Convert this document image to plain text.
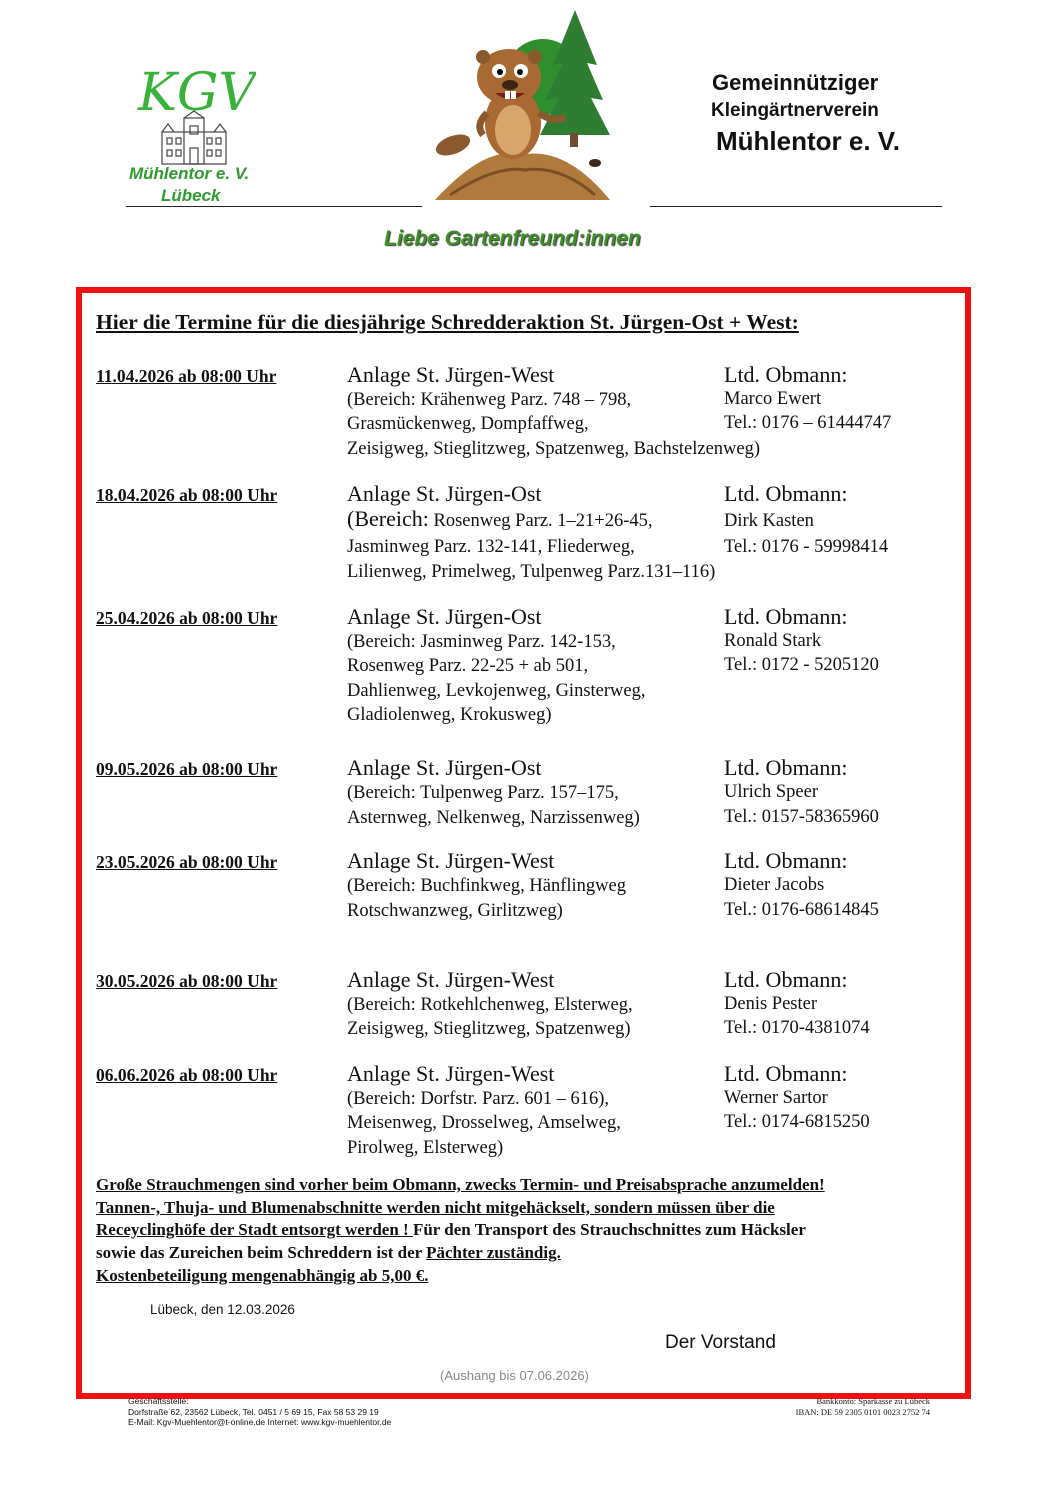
KGV
Mühlentor e. V.
Lübeck
Gemeinnütziger
Kleingärtnerverein
Mühlentor e. V.
Liebe Gartenfreund:innen
Hier die Termine für die diesjährige Schredderaktion St. Jürgen-Ost + West:
11.04.2026 ab 08:00 Uhr	Anlage St. Jürgen-West
(Bereich: Krähenweg Parz. 748 – 798,
Grasmückenweg, Dompfaffweg,
Zeisigweg, Stieglitzweg, Spatzenweg, Bachstelzenweg)
Ltd. Obmann:
Marco Ewert
Tel.: 0176 – 61444747
18.04.2026 ab 08:00 Uhr	Anlage St. Jürgen-Ost
(Bereich: Rosenweg Parz. 1–21+26-45,
Jasminweg Parz. 132-141, Fliederweg,
Lilienweg, Primelweg, Tulpenweg Parz.131–116)
Ltd. Obmann:
Dirk Kasten
Tel.: 0176 - 59998414
25.04.2026 ab 08:00 Uhr	Anlage St. Jürgen-Ost
(Bereich: Jasminweg Parz. 142-153,
Rosenweg Parz. 22-25 + ab 501,
Dahlienweg, Levkojenweg, Ginsterweg,
Gladiolenweg, Krokusweg)
Ltd. Obmann:
Ronald Stark
Tel.: 0172 - 5205120
09.05.2026 ab 08:00 Uhr	Anlage St. Jürgen-Ost
(Bereich: Tulpenweg Parz. 157–175,
Asternweg, Nelkenweg, Narzissenweg)
Ltd. Obmann:
Ulrich Speer
Tel.: 0157-58365960
23.05.2026 ab 08:00 Uhr	Anlage St. Jürgen-West
(Bereich: Buchfinkweg, Hänflingweg
Rotschwanzweg, Girlitzweg)
Ltd. Obmann:
Dieter Jacobs
Tel.: 0176-68614845
30.05.2026 ab 08:00 Uhr	Anlage St. Jürgen-West
(Bereich: Rotkehlchenweg, Elsterweg,
Zeisigweg, Stieglitzweg, Spatzenweg)
Ltd. Obmann:
Denis Pester
Tel.: 0170-4381074
06.06.2026 ab 08:00 Uhr	Anlage St. Jürgen-West
(Bereich: Dorfstr. Parz. 601 – 616),
Meisenweg, Drosselweg, Amselweg,
Pirolweg, Elsterweg)
Ltd. Obmann:
Werner Sartor
Tel.: 0174-6815250
Große Strauchmengen sind vorher beim Obmann, zwecks Termin- und Preisabsprache anzumelden!
Tannen-, Thuja- und Blumenabschnitte werden nicht mitgehäckselt, sondern müssen über die
Receyclinghöfe der Stadt entsorgt werden ! Für den Transport des Strauchschnittes zum Häcksler
sowie das Zureichen beim Schreddern ist der Pächter zuständig.
Kostenbeteiligung mengenabhängig ab 5,00 €.
Lübeck, den 12.03.2026
Der Vorstand
(Aushang bis 07.06.2026)
Geschäftsstelle:
Dorfstraße 62, 23562 Lübeck, Tel. 0451 / 5 69 15, Fax 58 53 29 19
E-Mail: Kgv-Muehlentor@t-online.de Internet: www.kgv-muehlentor.de
Bankkonto: Sparkasse zu Lübeck
IBAN: DE 59 2305 0101 0023 2752 74
